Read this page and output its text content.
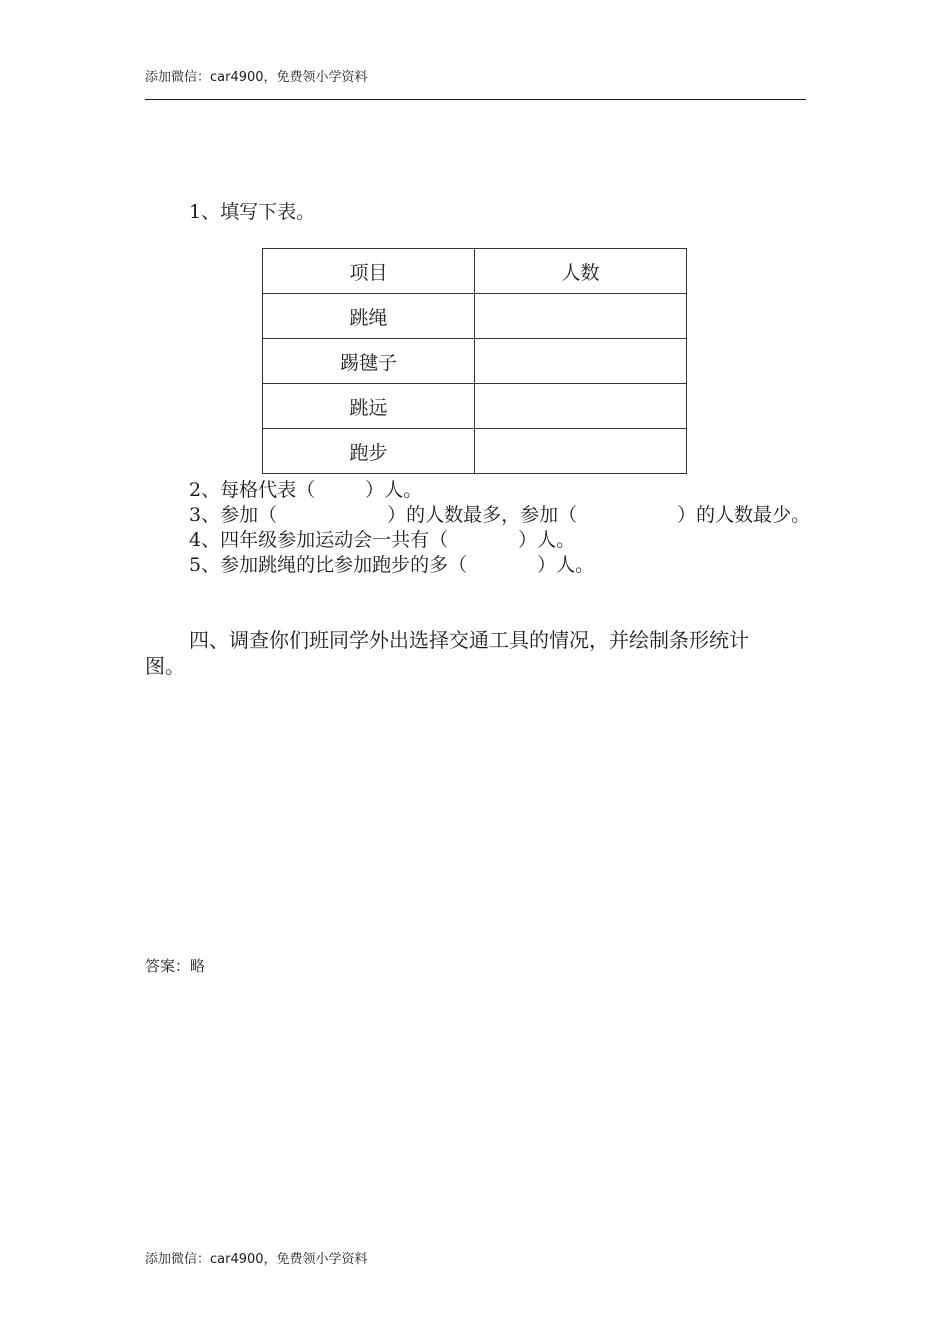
添加微信：car4900，免费领小学资料
1、填写下表。
项目	人数
跳绳	
踢毽子	
跳远	
跑步	
2、每格代表（	）人。
3、参加（	）的人数最多，参加（	）的人数最少。
4、四年级参加运动会一共有（	）人。
5、参加跳绳的比参加跑步的多（	）人。
四、调查你们班同学外出选择交通工具的情况，并绘制条形统计
图。
答案：略
添加微信：car4900，免费领小学资料
